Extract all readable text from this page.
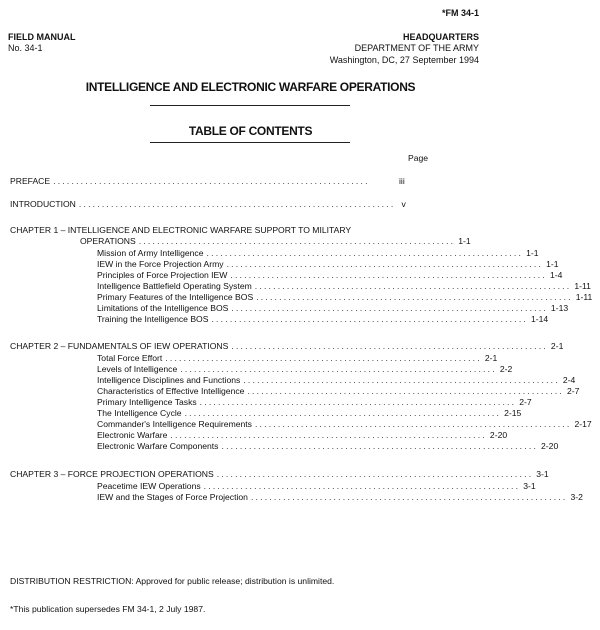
*FM 34-1
FIELD MANUAL
No. 34-1
HEADQUARTERS
DEPARTMENT OF THE ARMY
Washington, DC, 27 September 1994
INTELLIGENCE AND ELECTRONIC WARFARE OPERATIONS
TABLE OF CONTENTS
Page
PREFACE .....................................................................	iii
INTRODUCTION ..................................................................... v
CHAPTER 1 – INTELLIGENCE AND ELECTRONIC WARFARE SUPPORT TO MILITARY
OPERATIONS ..................................................................... 1-1
Mission of Army Intelligence ..................................................................... 1-1
IEW in the Force Projection Army ..................................................................... 1-1
Principles of Force Projection IEW ..................................................................... 1-4
Intelligence Battlefield Operating System ..................................................................... 1-11
Primary Features of the Intelligence BOS ..................................................................... 1-11
Limitations of the Intelligence BOS ..................................................................... 1-13
Training the Intelligence BOS ..................................................................... 1-14
CHAPTER 2 – FUNDAMENTALS OF IEW OPERATIONS ..................................................................... 2-1
Total Force Effort ..................................................................... 2-1
Levels of Intelligence ..................................................................... 2-2
Intelligence Disciplines and Functions ..................................................................... 2-4
Characteristics of Effective Intelligence ..................................................................... 2-7
Primary Intelligence Tasks ..................................................................... 2-7
The Intelligence Cycle ..................................................................... 2-15
Commander's Intelligence Requirements ..................................................................... 2-17
Electronic Warfare ..................................................................... 2-20
Electronic Warfare Components ..................................................................... 2-20
CHAPTER 3 – FORCE PROJECTION OPERATIONS ..................................................................... 3-1
Peacetime IEW Operations ..................................................................... 3-1
IEW and the Stages of Force Projection ..................................................................... 3-2
DISTRIBUTION RESTRICTION: Approved for public release; distribution is unlimited.
*This publication supersedes FM 34-1, 2 July 1987.
